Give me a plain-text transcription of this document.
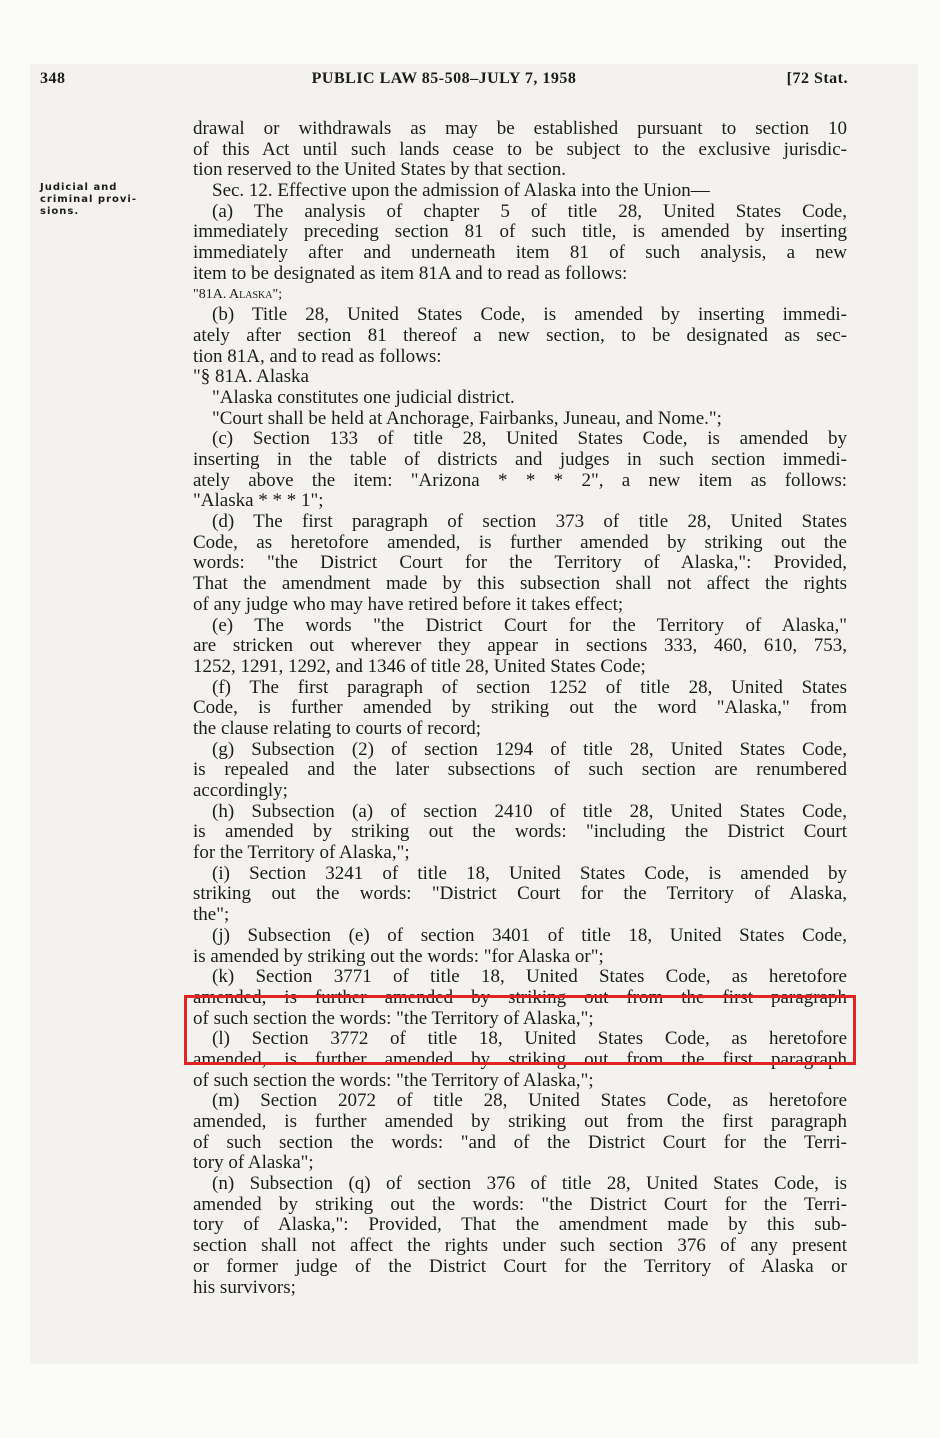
348	PUBLIC LAW 85-508–JULY 7, 1958	[72 Stat.
Judicial and
criminal provi-
sions.
drawal or withdrawals as may be established pursuant to section 10
of this Act until such lands cease to be subject to the exclusive jurisdic-
tion reserved to the United States by that section.
Sec. 12. Effective upon the admission of Alaska into the Union—
 (a) The analysis of chapter 5 of title 28, United States Code,
immediately preceding section 81 of such title, is amended by inserting
immediately after and underneath item 81 of such analysis, a new
item to be designated as item 81A and to read as follows:
"81A. Alaska";
 (b) Title 28, United States Code, is amended by inserting immedi-
ately after section 81 thereof a new section, to be designated as sec-
tion 81A, and to read as follows:
"§ 81A. Alaska
"Alaska constitutes one judicial district.
"Court shall be held at Anchorage, Fairbanks, Juneau, and Nome.";
 (c) Section 133 of title 28, United States Code, is amended by
inserting in the table of districts and judges in such section immedi-
ately above the item: "Arizona * * * 2", a new item as follows:
"Alaska * * * 1";
 (d) The first paragraph of section 373 of title 28, United States
Code, as heretofore amended, is further amended by striking out the
words: "the District Court for the Territory of Alaska,": Provided,
That the amendment made by this subsection shall not affect the rights
of any judge who may have retired before it takes effect;
 (e) The words "the District Court for the Territory of Alaska,"
are stricken out wherever they appear in sections 333, 460, 610, 753,
1252, 1291, 1292, and 1346 of title 28, United States Code;
 (f) The first paragraph of section 1252 of title 28, United States
Code, is further amended by striking out the word "Alaska," from
the clause relating to courts of record;
 (g) Subsection (2) of section 1294 of title 28, United States Code,
is repealed and the later subsections of such section are renumbered
accordingly;
 (h) Subsection (a) of section 2410 of title 28, United States Code,
is amended by striking out the words: "including the District Court
for the Territory of Alaska,";
 (i) Section 3241 of title 18, United States Code, is amended by
striking out the words: "District Court for the Territory of Alaska,
the";
 (j) Subsection (e) of section 3401 of title 18, United States Code,
is amended by striking out the words: "for Alaska or";
 (k) Section 3771 of title 18, United States Code, as heretofore
amended, is further amended by striking out from the first paragraph
of such section the words: "the Territory of Alaska,";
 (l) Section 3772 of title 18, United States Code, as heretofore
amended, is further amended by striking out from the first paragraph
of such section the words: "the Territory of Alaska,";
 (m) Section 2072 of title 28, United States Code, as heretofore
amended, is further amended by striking out from the first paragraph
of such section the words: "and of the District Court for the Terri-
tory of Alaska";
 (n) Subsection (q) of section 376 of title 28, United States Code, is
amended by striking out the words: "the District Court for the Terri-
tory of Alaska,": Provided, That the amendment made by this sub-
section shall not affect the rights under such section 376 of any present
or former judge of the District Court for the Territory of Alaska or
his survivors;
